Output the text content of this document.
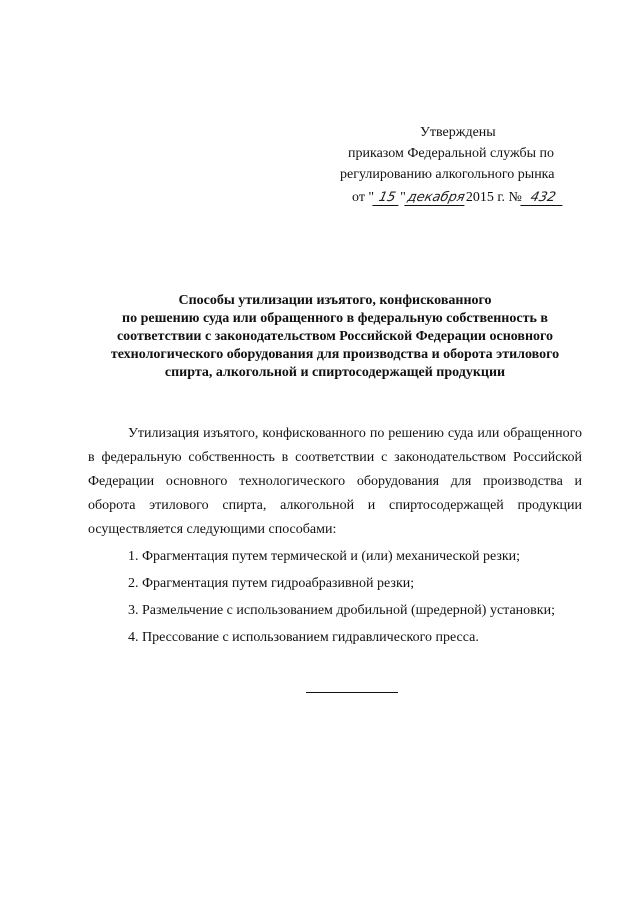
Утверждены
приказом Федеральной службы по
регулированию алкогольного рынка
от " 15 "декабря2015 г. № 432
Способы утилизации изъятого, конфискованного
по решению суда или обращенного в федеральную собственность в
соответствии с законодательством Российской Федерации основного
технологического оборудования для производства и оборота этилового
спирта, алкогольной и спиртосодержащей продукции

Утилизация изъятого, конфискованного по решению суда или обращенного в федеральную собственность в соответствии с законодательством Российской Федерации основного технологического оборудования для производства и оборота этилового спирта, алкогольной и спиртосодержащей продукции осуществляется следующими способами:

1. Фрагментация путем термической и (или) механической резки;
2. Фрагментация путем гидроабразивной резки;
3. Размельчение с использованием дробильной (шредерной) установки;
4. Прессование с использованием гидравлического пресса.
